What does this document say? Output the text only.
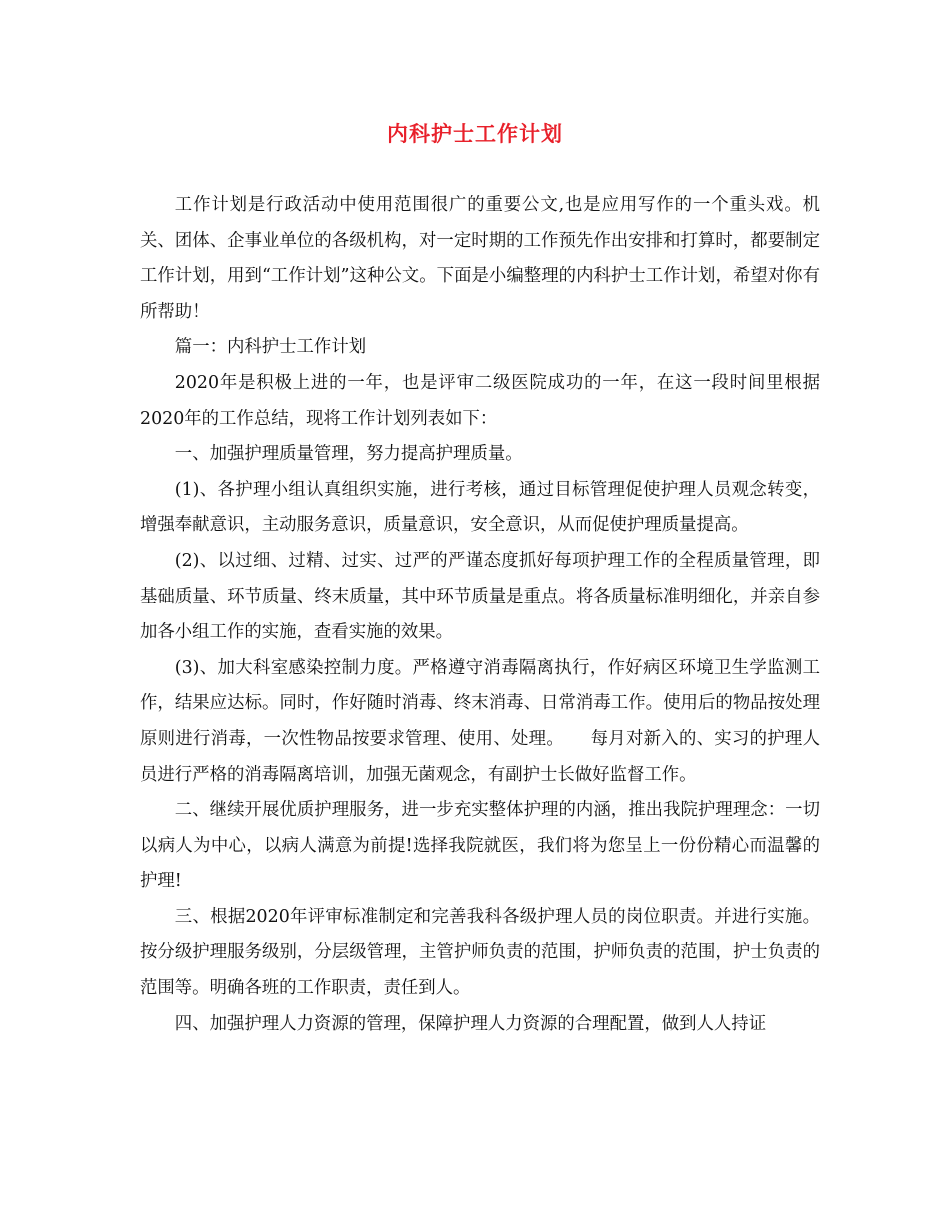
内科护士工作计划

工作计划是行政活动中使用范围很广的重要公文,也是应用写作的一个重头戏。机关、团体、企事业单位的各级机构，对一定时期的工作预先作出安排和打算时，都要制定工作计划，用到“工作计划”这种公文。下面是小编整理的内科护士工作计划，希望对你有所帮助！

篇一：内科护士工作计划

2020年是积极上进的一年，也是评审二级医院成功的一年，在这一段时间里根据2020年的工作总结，现将工作计划列表如下：

一、加强护理质量管理，努力提高护理质量。

(1)、各护理小组认真组织实施，进行考核，通过目标管理促使护理人员观念转变，增强奉献意识，主动服务意识，质量意识，安全意识，从而促使护理质量提高。

(2)、以过细、过精、过实、过严的严谨态度抓好每项护理工作的全程质量管理，即基础质量、环节质量、终末质量，其中环节质量是重点。将各质量标准明细化，并亲自参加各小组工作的实施，查看实施的效果。

(3)、加大科室感染控制力度。严格遵守消毒隔离执行，作好病区环境卫生学监测工作，结果应达标。同时，作好随时消毒、终末消毒、日常消毒工作。使用后的物品按处理原则进行消毒，一次性物品按要求管理、使用、处理。　　每月对新入的、实习的护理人员进行严格的消毒隔离培训，加强无菌观念，有副护士长做好监督工作。

二、继续开展优质护理服务，进一步充实整体护理的内涵，推出我院护理理念：一切以病人为中心，以病人满意为前提!选择我院就医，我们将为您呈上一份份精心而温馨的护理!

三、根据2020年评审标准制定和完善我科各级护理人员的岗位职责。并进行实施。按分级护理服务级别，分层级管理，主管护师负责的范围，护师负责的范围，护士负责的范围等。明确各班的工作职责，责任到人。

四、加强护理人力资源的管理，保障护理人力资源的合理配置，做到人人持证
